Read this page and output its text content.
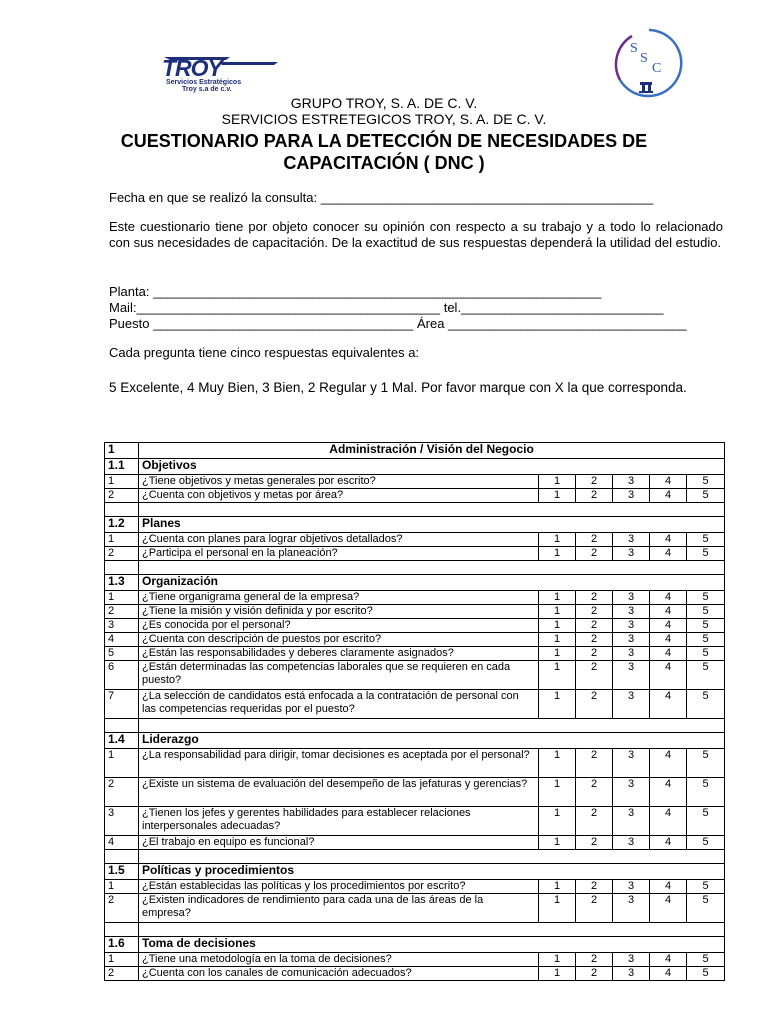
TROY
Servicios Estratégicos
Troy s.a de c.v.
S S C
GRUPO TROY, S. A. DE C. V.
SERVICIOS ESTRETEGICOS TROY, S. A. DE C. V.
CUESTIONARIO PARA LA DETECCIÓN DE NECESIDADES DE
CAPACITACIÓN ( DNC )
Fecha en que se realizó la consulta: ______________________________________________
Este cuestionario tiene por objeto conocer su opinión con respecto a su trabajo y a todo lo relacionado con sus necesidades de capacitación. De la exactitud de sus respuestas dependerá la utilidad del estudio.
Planta: ______________________________________________________________
Mail:__________________________________________ tel.____________________________
Puesto ____________________________________ Área _________________________________
Cada pregunta tiene cinco respuestas equivalentes a:
5 Excelente, 4 Muy Bien, 3 Bien, 2 Regular y 1 Mal. Por favor marque con X la que corresponda.
1	Administración / Visión del Negocio					
1.1	Objetivos					
1	¿Tiene objetivos y metas generales por escrito?	1	2	3	4	5
2	¿Cuenta con objetivos y metas por área?	1	2	3	4	5

1.2	Planes					
1	¿Cuenta con planes para lograr objetivos detallados?	1	2	3	4	5
2	¿Participa el personal en la planeación?	1	2	3	4	5

1.3	Organización					
1	¿Tiene organigrama general de la empresa?	1	2	3	4	5
2	¿Tiene la misión y visión definida y por escrito?	1	2	3	4	5
3	¿Es conocida por el personal?	1	2	3	4	5
4	¿Cuenta con descripción de puestos por escrito?	1	2	3	4	5
5	¿Están las responsabilidades y deberes claramente asignados?	1	2	3	4	5
6	¿Están determinadas las competencias laborales que se requieren en cada puesto?	1	2	3	4	5
7	¿La selección de candidatos está enfocada a la contratación de personal con las competencias requeridas por el puesto?	1	2	3	4	5

1.4	Liderazgo					
1	¿La responsabilidad para dirigir, tomar decisiones es aceptada por el personal?	1	2	3	4	5
2	¿Existe un sistema de evaluación del desempeño de las jefaturas y gerencias?	1	2	3	4	5
3	¿Tienen los jefes y gerentes habilidades para establecer relaciones interpersonales adecuadas?	1	2	3	4	5
4	¿El trabajo en equipo es funcional?	1	2	3	4	5

1.5	Políticas y procedimientos					
1	¿Están establecidas las políticas y los procedimientos por escrito?	1	2	3	4	5
2	¿Existen indicadores de rendimiento para cada una de las áreas de la empresa?	1	2	3	4	5

1.6	Toma de decisiones					
1	¿Tiene una metodología en la toma de decisiones?	1	2	3	4	5
2	¿Cuenta con los canales de comunicación adecuados?	1	2	3	4	5
